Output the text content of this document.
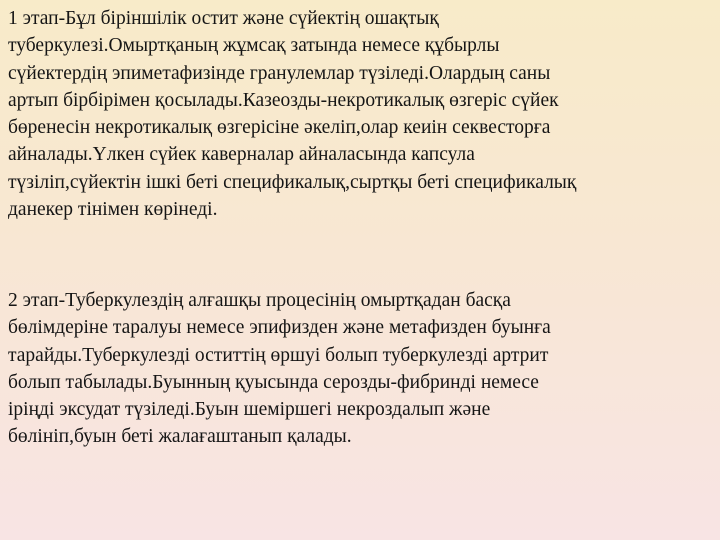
1 этап-Бұл біріншілік остит және сүйектің ошақтық
туберкулезі.Омыртқаның жұмсақ затында немесе құбырлы
сүйектердің эпиметафизінде гранулемлар түзіледі.Олардың саны
артып бірбірімен қосылады.Казеозды-некротикалық өзгеріс сүйек
бөренесін некротикалық өзгерісіне әкеліп,олар кеиін секвесторға
айналады.Үлкен сүйек каверналар айналасында капсула
түзіліп,сүйектін ішкі беті спецификалық,сыртқы беті спецификалық
данекер тінімен көрінеді.

2 этап-Туберкулездің алғашқы процесінің омыртқадан басқа
бөлімдеріне таралуы немесе эпифизден және метафизден буынға
тарайды.Туберкулезді оститтің өршуі болып туберкулезді артрит
болып табылады.Буынның қуысында серозды-фибринді немесе
іріңді эксудат түзіледі.Буын шеміршегі некроздалып және
бөлініп,буын беті жалағаштанып қалады.
